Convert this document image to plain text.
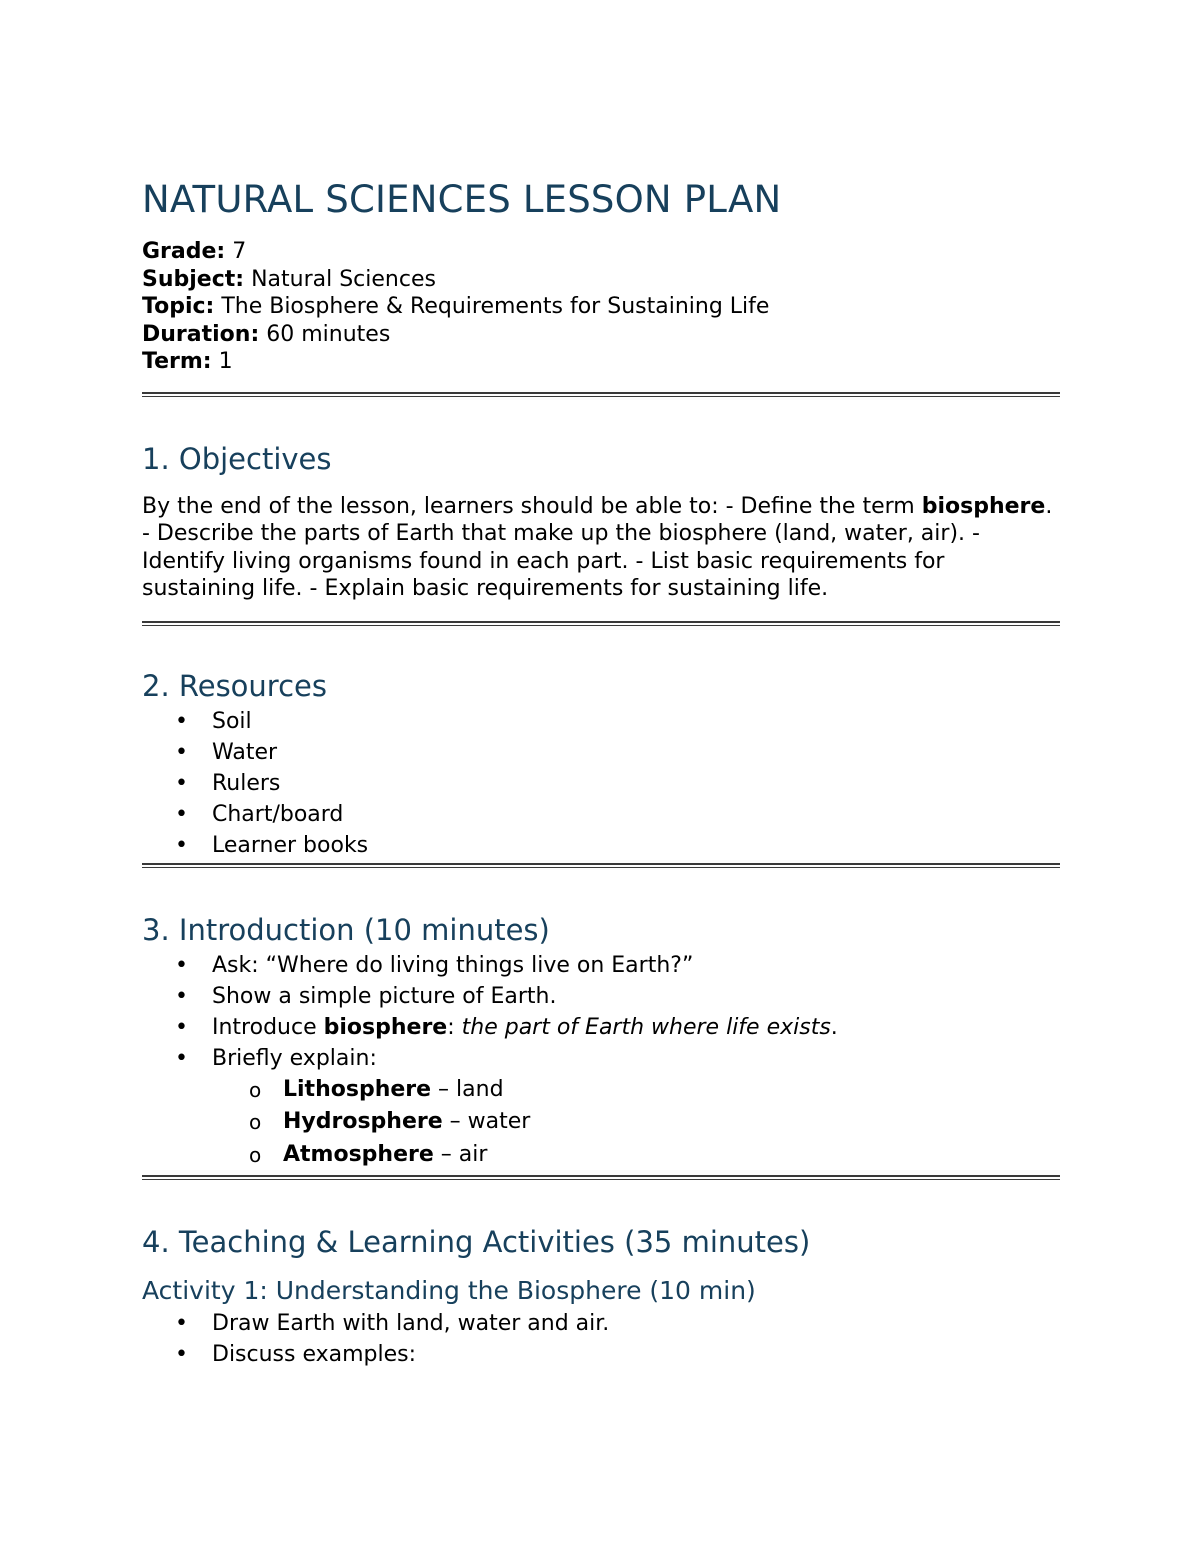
NATURAL SCIENCES LESSON PLAN
Grade: 7
Subject: Natural Sciences
Topic: The Biosphere & Requirements for Sustaining Life
Duration: 60 minutes
Term: 1
1. Objectives

By the end of the lesson, learners should be able to: - Define the term biosphere. - Describe the parts of Earth that make up the biosphere (land, water, air). - Identify living organisms found in each part. - List basic requirements for sustaining life. - Explain basic requirements for sustaining life.

2. Resources
• Soil
• Water
• Rulers
• Chart/board
• Learner books
3. Introduction (10 minutes)
• Ask: “Where do living things live on Earth?”
• Show a simple picture of Earth.
• Introduce biosphere: the part of Earth where life exists.
• Briefly explain:
o Lithosphere – land
o Hydrosphere – water
o Atmosphere – air
4. Teaching & Learning Activities (35 minutes)
Activity 1: Understanding the Biosphere (10 min)
• Draw Earth with land, water and air.
• Discuss examples:
